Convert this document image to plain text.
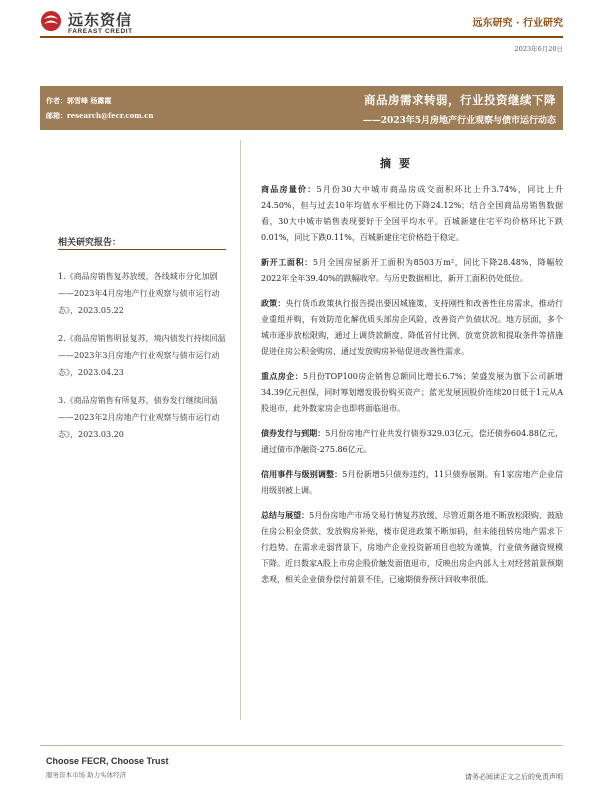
远东资信
FAREAST CREDIT
远东研究 · 行业研究
2023年6月20日
作者：郭雪峰 杨露霞
邮箱：research@fecr.com.cn
商品房需求转弱，行业投资继续下降
——2023年5月房地产行业观察与债市运行动态
相关研究报告：
1.《商品房销售复苏放缓，各线城市分化加剧——2023年4月房地产行业观察与债市运行动态》，2023.05.22
2.《商品房销售明显复苏，境内债发行持续回温——2023年3月房地产行业观察与债市运行动态》，2023.04.23
3.《商品房销售有所复苏，债券发行继续回温——2023年2月房地产行业观察与债市运行动态》，2023.03.20
摘要

商品房量价：5月份30大中城市商品房成交面积环比上升3.74%，同比上升24.50%，但与过去10年均值水平相比仍下降24.12%；结合全国商品房销售数据看，30大中城市销售表现要好于全国平均水平。百城新建住宅平均价格环比下跌0.01%，同比下跌0.11%，百城新建住宅价格趋于稳定。

新开工面积：5月全国房屋新开工面积为8503万m²，同比下降28.48%，降幅较2022年全年39.40%的跌幅收窄。与历史数据相比，新开工面积仍处低位。

政策：央行货币政策执行报告提出要因城施策，支持刚性和改善性住房需求，推动行业重组并购，有效防范化解优质头部房企风险，改善资产负债状况。地方层面，多个城市逐步放松限购，通过上调贷款额度、降低首付比例、放宽贷款和提取条件等措施促进住房公积金购房，通过发放购房补贴促进改善性需求。

重点房企：5月份TOP100房企销售总额同比增长6.7%；荣盛发展为旗下公司新增34.39亿元担保，同时筹划增发股份购买资产；蓝光发展因股价连续20日低于1元从A股退市，此外数家房企也即将面临退市。

债券发行与到期：5月份房地产行业共发行债券329.03亿元，偿还债券604.88亿元，通过债市净融资-275.86亿元。

信用事件与级别调整：5月份新增5只债券违约，11只债券展期。有1家房地产企业信用级别被上调。

总结与展望：5月份房地产市场交易行情复苏放缓，尽管近期各地不断放松限购、鼓励住房公积金贷款、发放购房补贴，楼市促进政策不断加码，但未能扭转房地产需求下行趋势。在需求走弱背景下，房地产企业投资新项目也较为谨慎，行业债务融资规模下降。近日数家A股上市房企股价触发面值退市，反映出房企内部人士对经营前景预期悲观，相关企业债券偿付前景不佳，已逾期债券预计回收率很低。

Choose FECR, Choose Trust
服务资本市场 助力实体经济	请务必阅读正文之后的免责声明
